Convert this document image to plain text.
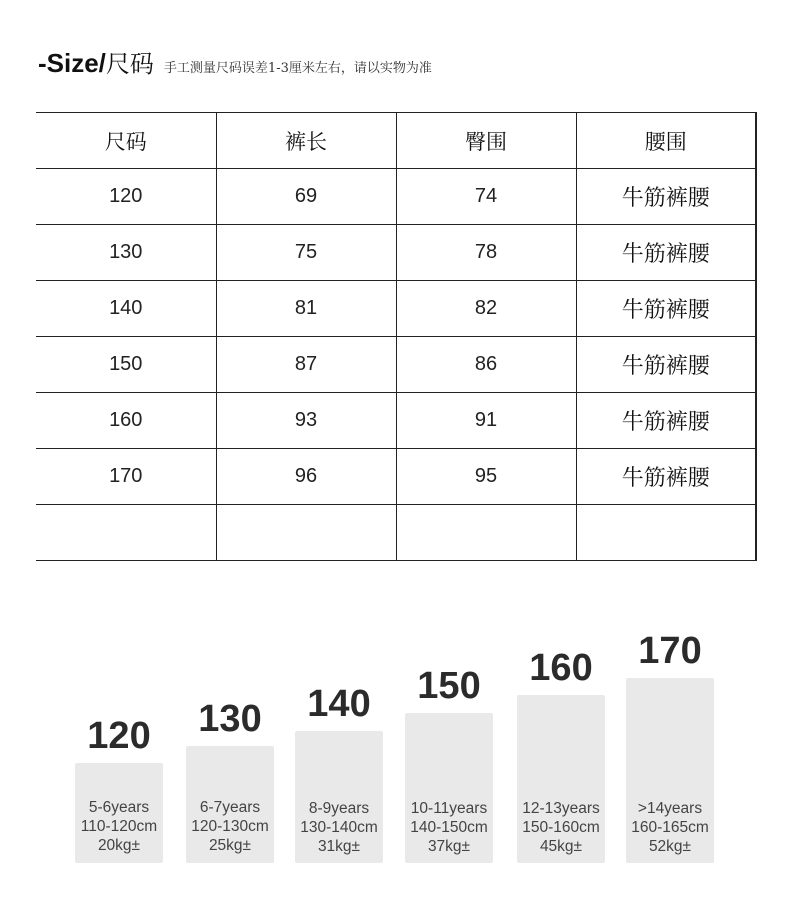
-Size/尺码 手工测量尺码误差1-3厘米左右，请以实物为准
尺码	裤长	臀围	腰围
120	69	74	牛筋裤腰
130	75	78	牛筋裤腰
140	81	82	牛筋裤腰
150	87	86	牛筋裤腰
160	93	91	牛筋裤腰
170	96	95	牛筋裤腰

120
5-6years
110-120cm
20kg±
130
6-7years
120-130cm
25kg±
140
8-9years
130-140cm
31kg±
150
10-11years
140-150cm
37kg±
160
12-13years
150-160cm
45kg±
170
>14years
160-165cm
52kg±
